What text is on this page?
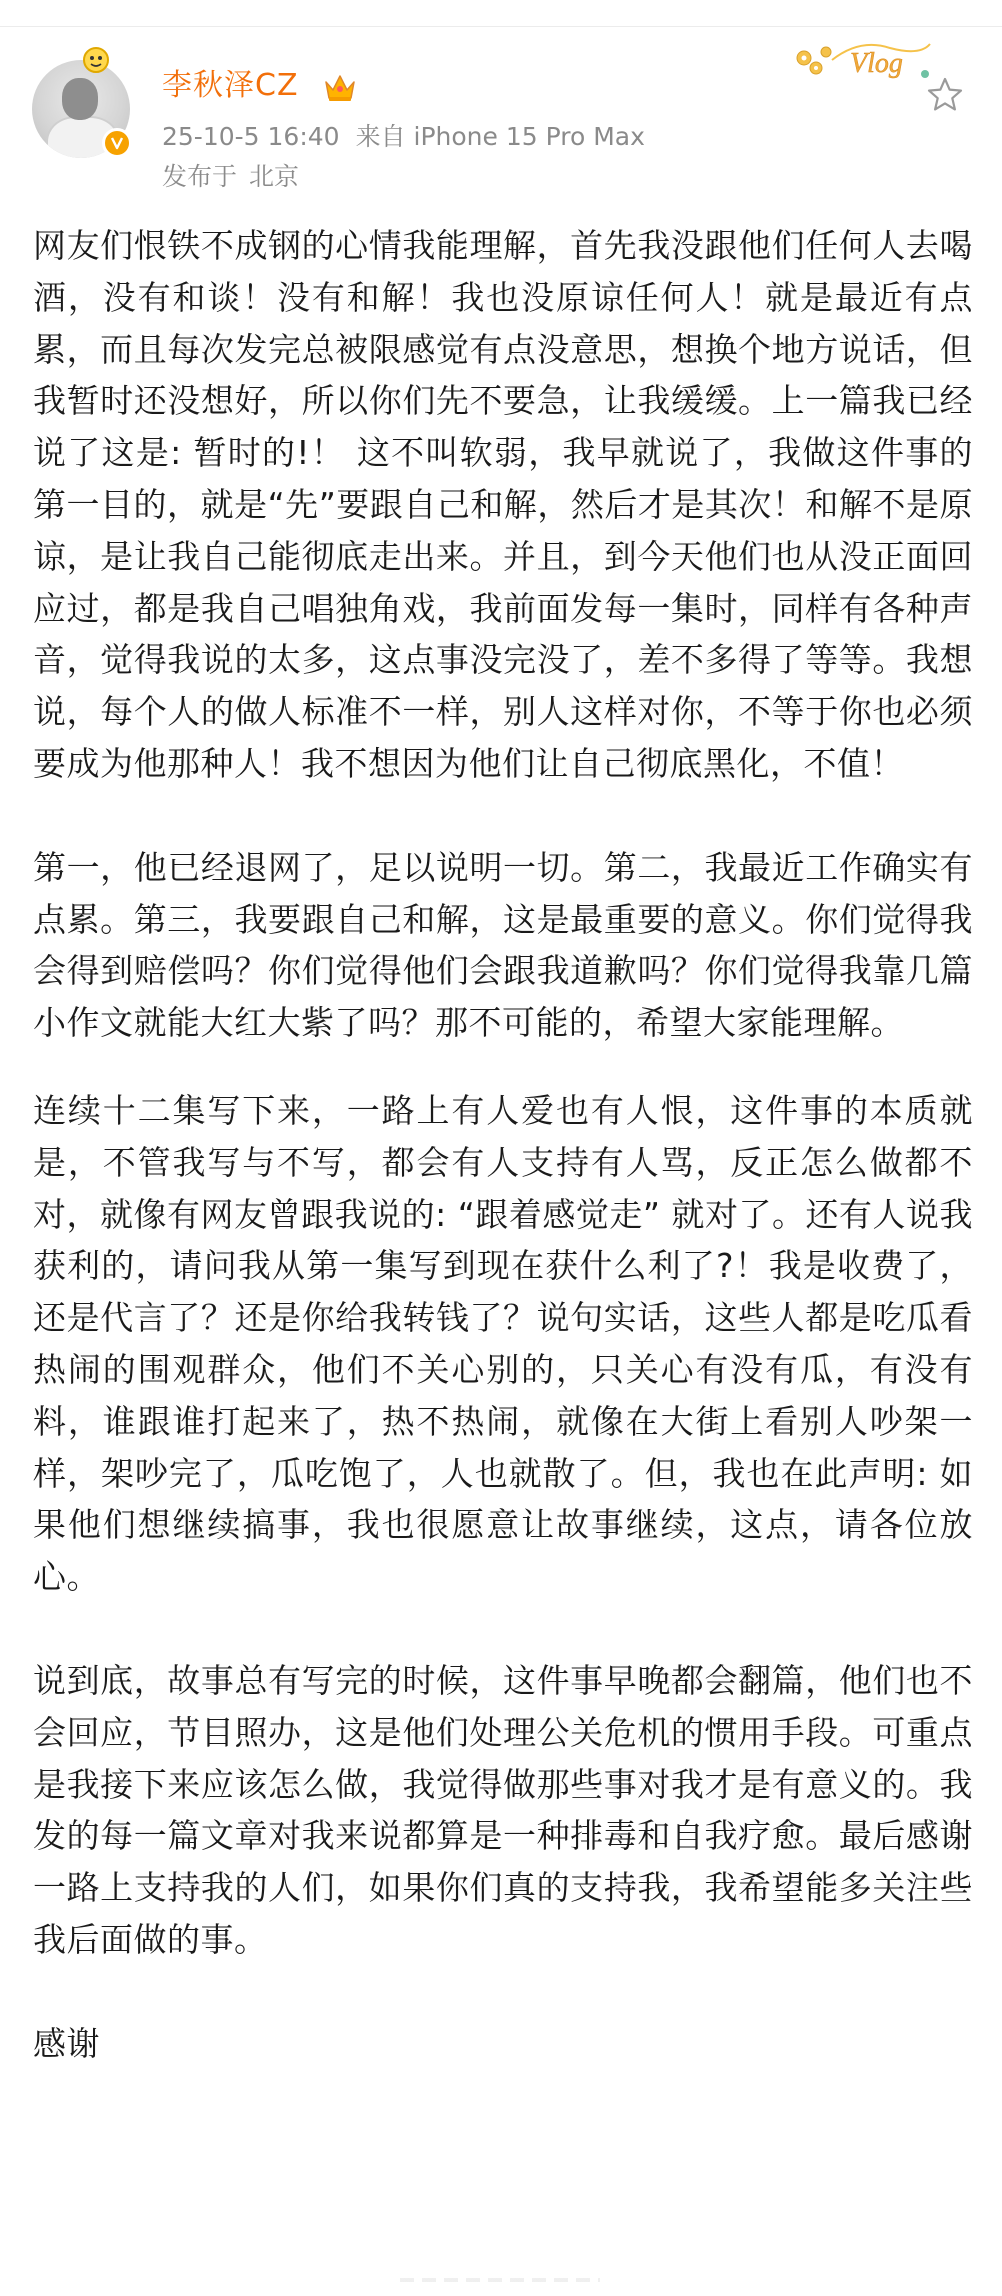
李秋泽CZ
25-10-5 16:40 来自 iPhone 15 Pro Max
发布于 北京
Vlog

网友们恨铁不成钢的心情我能理解，首先我没跟他们任何人去喝酒，没有和谈！没有和解！我也没原谅任何人！就是最近有点累，而且每次发完总被限感觉有点没意思，想换个地方说话，但我暂时还没想好，所以你们先不要急，让我缓缓。上一篇我已经说了这是: 暂时的!！ 这不叫软弱，我早就说了，我做这件事的第一目的，就是“先”要跟自己和解，然后才是其次！和解不是原谅，是让我自己能彻底走出来。并且，到今天他们也从没正面回应过，都是我自己唱独角戏，我前面发每一集时，同样有各种声音，觉得我说的太多，这点事没完没了，差不多得了等等。我想说，每个人的做人标准不一样，别人这样对你，不等于你也必须要成为他那种人！我不想因为他们让自己彻底黑化，不值！

第一，他已经退网了，足以说明一切。第二，我最近工作确实有点累。第三，我要跟自己和解，这是最重要的意义。你们觉得我会得到赔偿吗？你们觉得他们会跟我道歉吗？你们觉得我靠几篇小作文就能大红大紫了吗？那不可能的，希望大家能理解。

连续十二集写下来，一路上有人爱也有人恨，这件事的本质就是，不管我写与不写，都会有人支持有人骂，反正怎么做都不对，就像有网友曾跟我说的: “跟着感觉走” 就对了。还有人说我获利的，请问我从第一集写到现在获什么利了?！我是收费了，还是代言了？还是你给我转钱了？说句实话，这些人都是吃瓜看热闹的围观群众，他们不关心别的，只关心有没有瓜，有没有料，谁跟谁打起来了，热不热闹，就像在大街上看别人吵架一样，架吵完了，瓜吃饱了，人也就散了。但，我也在此声明: 如果他们想继续搞事，我也很愿意让故事继续，这点，请各位放心。

说到底，故事总有写完的时候，这件事早晚都会翻篇，他们也不会回应，节目照办，这是他们处理公关危机的惯用手段。可重点是我接下来应该怎么做，我觉得做那些事对我才是有意义的。我发的每一篇文章对我来说都算是一种排毒和自我疗愈。最后感谢一路上支持我的人们，如果你们真的支持我，我希望能多关注些我后面做的事。

感谢
